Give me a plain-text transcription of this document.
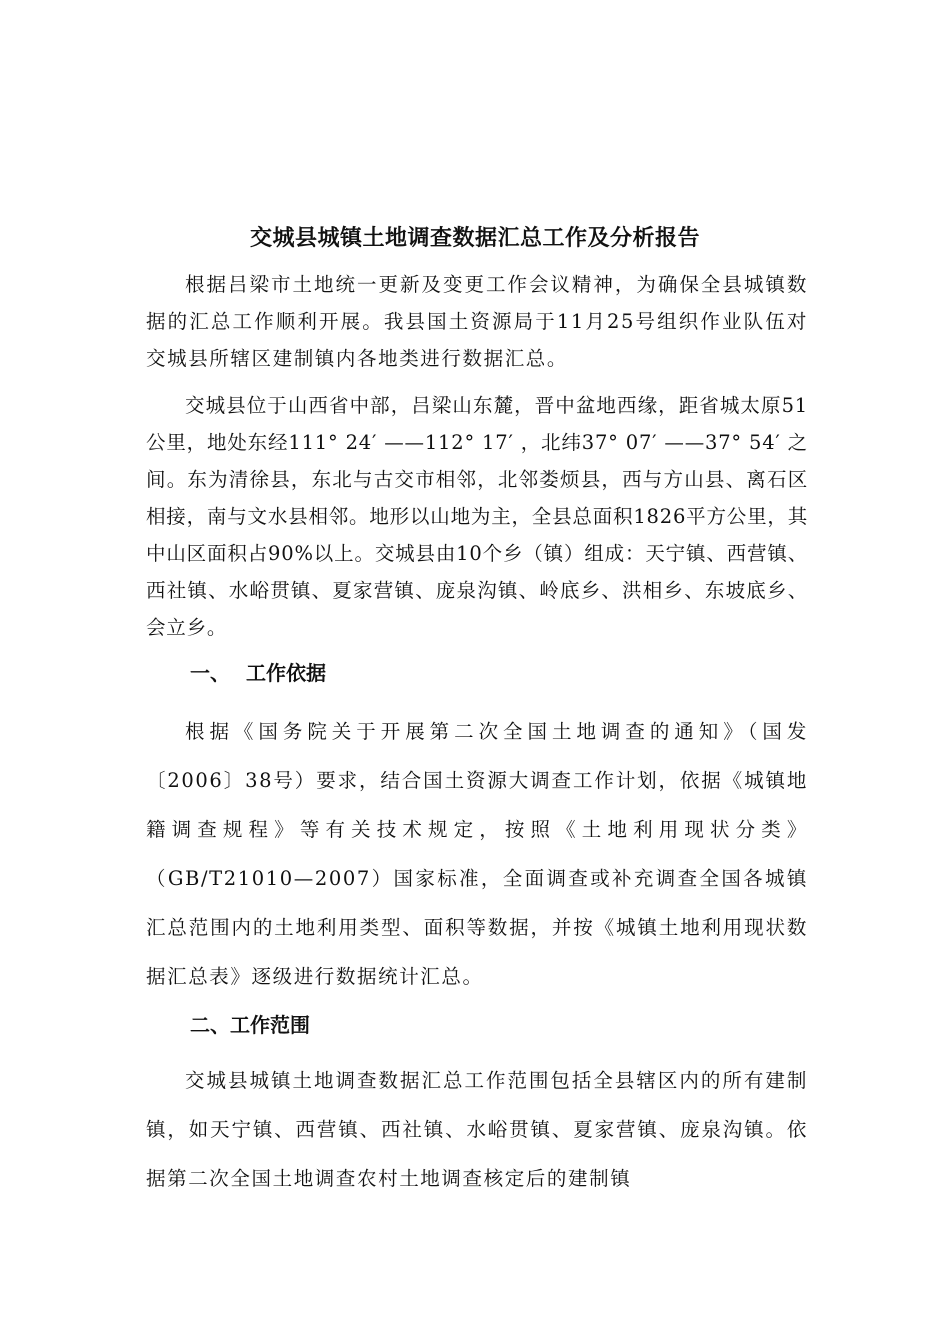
交城县城镇土地调查数据汇总工作及分析报告

根据吕梁市土地统一更新及变更工作会议精神，为确保全县城镇数据的汇总工作顺利开展。我县国土资源局于11月25号组织作业队伍对交城县所辖区建制镇内各地类进行数据汇总。

交城县位于山西省中部，吕梁山东麓，晋中盆地西缘，距省城太原51公里，地处东经111° 24′ ——112° 17′ ，北纬37° 07′ ——37° 54′ 之间。东为清徐县，东北与古交市相邻，北邻娄烦县，西与方山县、离石区相接，南与文水县相邻。地形以山地为主，全县总面积1826平方公里，其中山区面积占90%以上。交城县由10个乡（镇）组成：天宁镇、西营镇、西社镇、水峪贯镇、夏家营镇、庞泉沟镇、岭底乡、洪相乡、东坡底乡、会立乡。

一、 工作依据

根据《国务院关于开展第二次全国土地调查的通知》（国发〔2006〕38号）要求，结合国土资源大调查工作计划，依据《城镇地籍调查规程》等有关技术规定，按照《土地利用现状分类》（GB/T21010—2007）国家标准，全面调查或补充调查全国各城镇汇总范围内的土地利用类型、面积等数据，并按《城镇土地利用现状数据汇总表》逐级进行数据统计汇总。

二、工作范围

交城县城镇土地调查数据汇总工作范围包括全县辖区内的所有建制镇，如天宁镇、西营镇、西社镇、水峪贯镇、夏家营镇、庞泉沟镇。依据第二次全国土地调查农村土地调查核定后的建制镇
